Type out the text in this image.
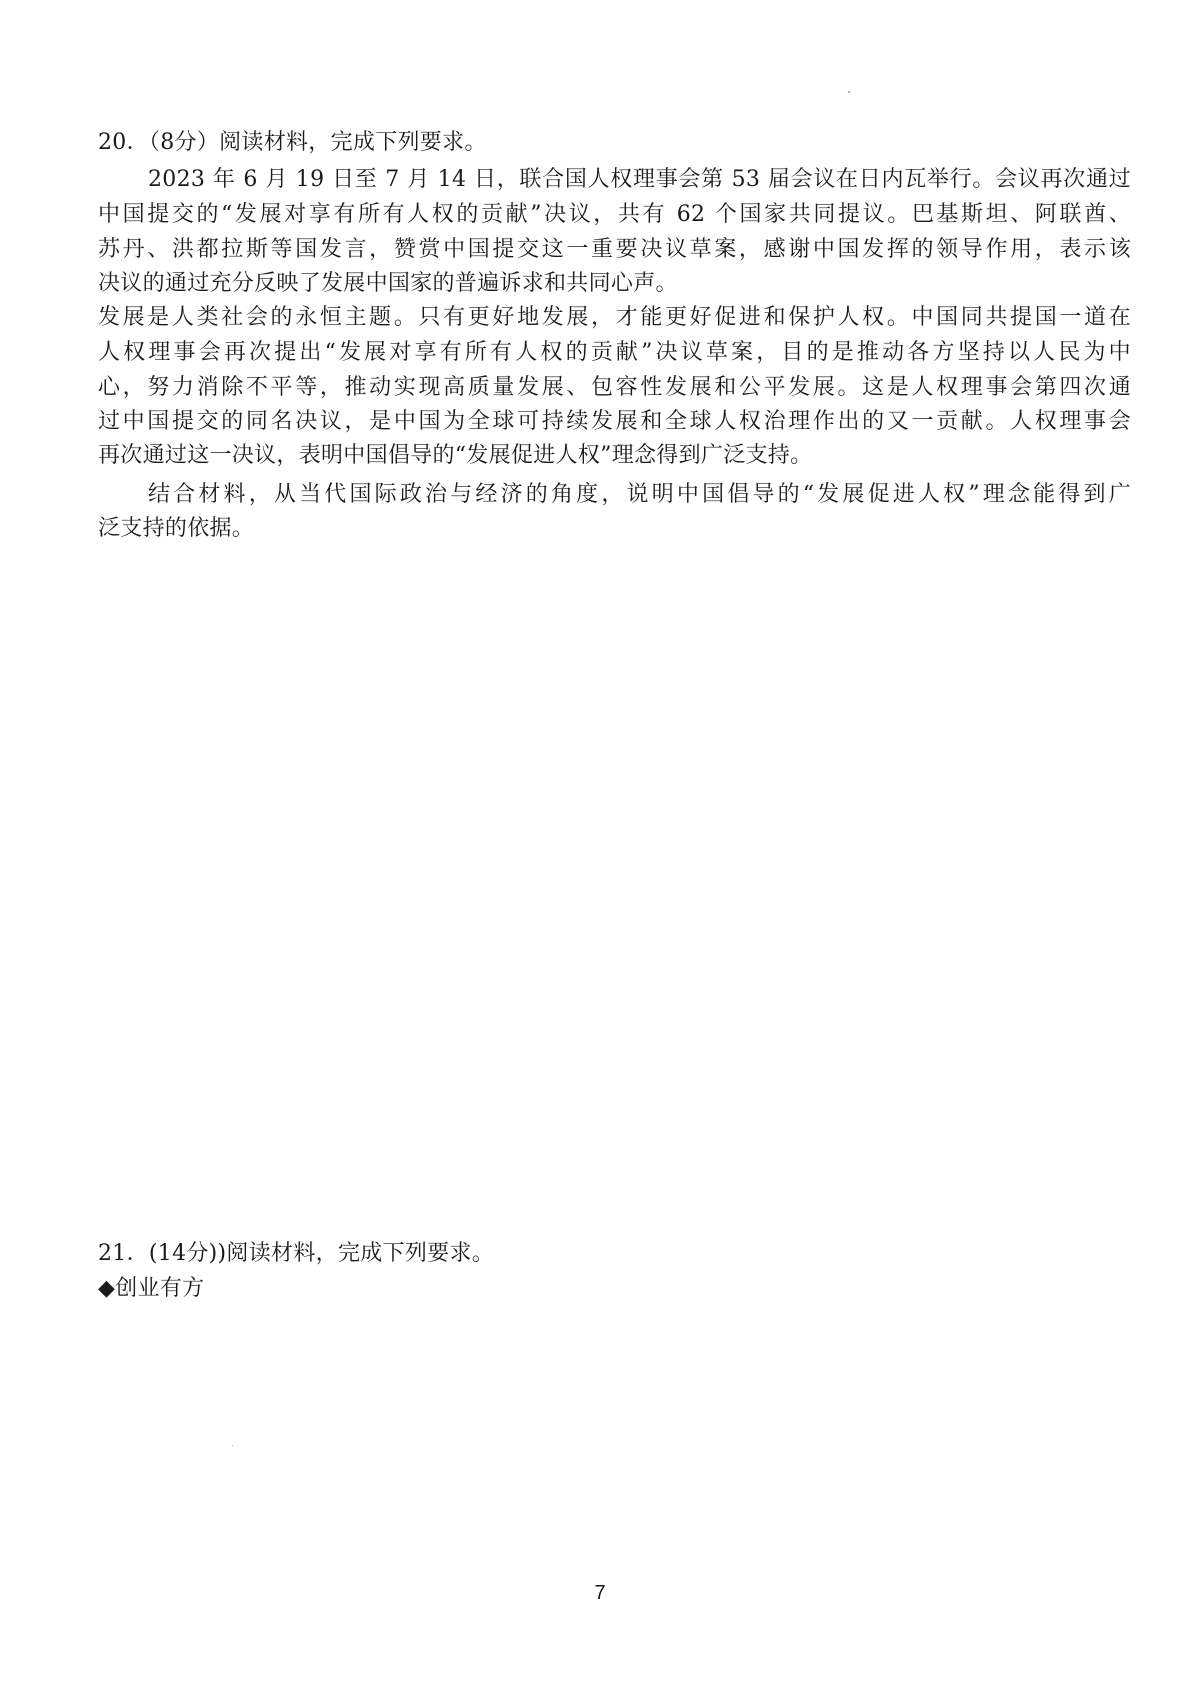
20．（8分）阅读材料，完成下列要求。
2023 年 6 月 19 日至 7 月 14 日，联合国人权理事会第 53 届会议在日内瓦举行。会议再次通过
中国提交的“发展对享有所有人权的贡献”决议，共有 62 个国家共同提议。巴基斯坦、阿联酋、
苏丹、洪都拉斯等国发言，赞赏中国提交这一重要决议草案，感谢中国发挥的领导作用，表示该
决议的通过充分反映了发展中国家的普遍诉求和共同心声。
发展是人类社会的永恒主题。只有更好地发展，才能更好促进和保护人权。中国同共提国一道在
人权理事会再次提出“发展对享有所有人权的贡献”决议草案，目的是推动各方坚持以人民为中
心，努力消除不平等，推动实现高质量发展、包容性发展和公平发展。这是人权理事会第四次通
过中国提交的同名决议，是中国为全球可持续发展和全球人权治理作出的又一贡献。人权理事会
再次通过这一决议，表明中国倡导的“发展促进人权”理念得到广泛支持。
结合材料，从当代国际政治与经济的角度，说明中国倡导的“发展促进人权”理念能得到广
泛支持的依据。
21．(14分))阅读材料，完成下列要求。
◆创业有方
7
